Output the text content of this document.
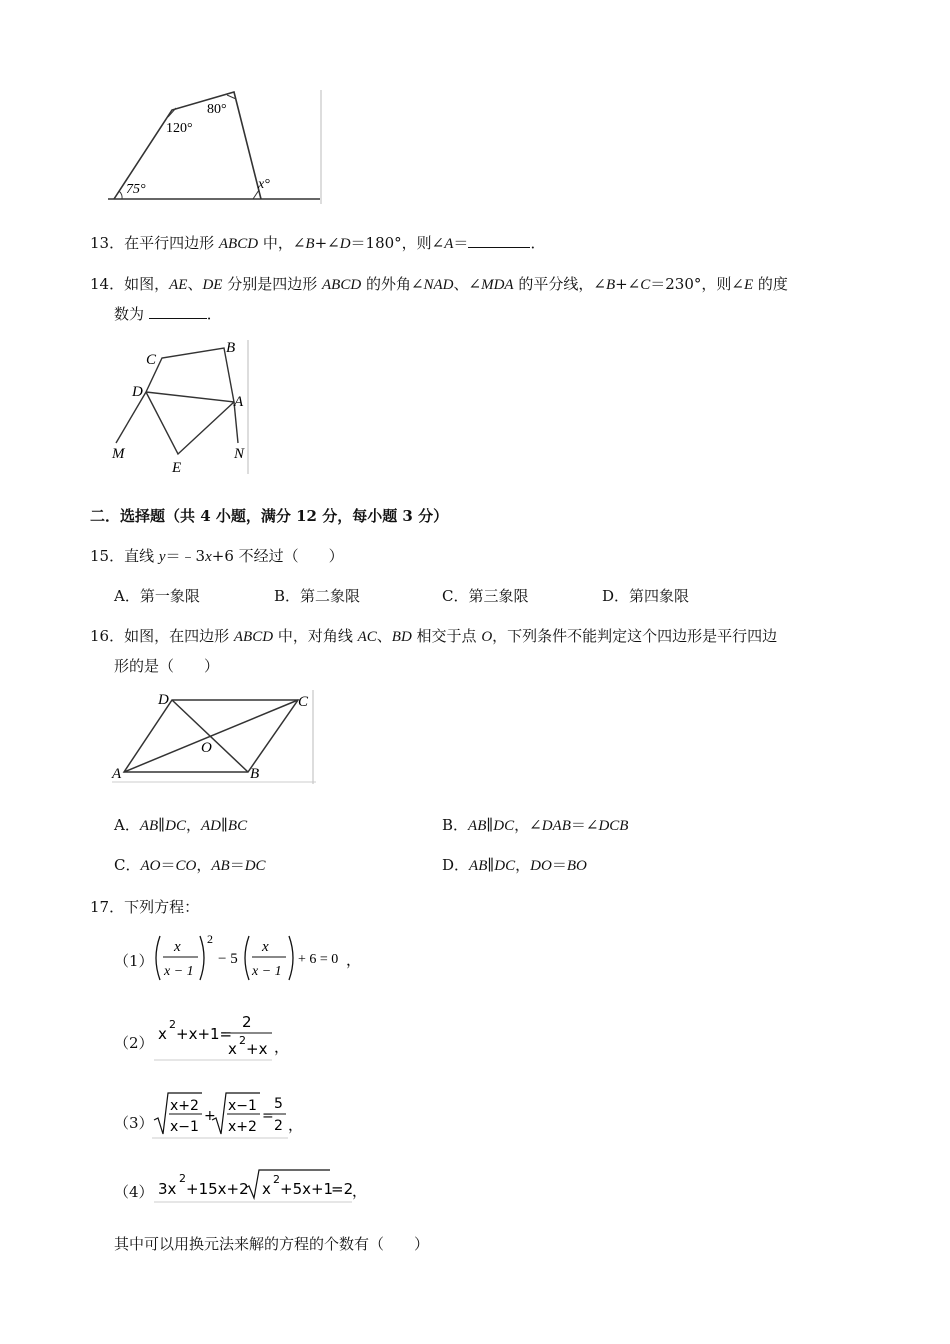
75°
120°
80°
x°
13．在平行四边形 ABCD 中，∠B+∠D＝180°，则∠A＝	．
14．如图，AE、DE 分别是四边形 ABCD 的外角∠NAD、∠MDA 的平分线，∠B+∠C＝230°，则∠E 的度
数为	．
C
B
D
A
M
E
N
二．选择题（共 4 小题，满分 12 分，每小题 3 分）
15．直线 y＝﹣3x+6 不经过（　　）
A．第一象限	B．第二象限	C．第三象限	D．第四象限
16．如图，在四边形 ABCD 中，对角线 AC、BD 相交于点 O，下列条件不能判定这个四边形是平行四边
形的是（　　）
D	C
O
A	B
A．AB∥DC，AD∥BC	B．AB∥DC，∠DAB＝∠DCB
C．AO＝CO，AB＝DC	D．AB∥DC，DO＝BO
17．下列方程：
（1）
x
x − 1
2
− 5
x
x − 1
+ 6 = 0 ，
（2） x
2
+x+1=
2
x 2 +x ，
（3）
x+2
x−1
+
x−1
x+2
=
5
2 ，
（4） 3x
2
+15x+2 x
2
+5x+1
=2
，
其中可以用换元法来解的方程的个数有（　　）
